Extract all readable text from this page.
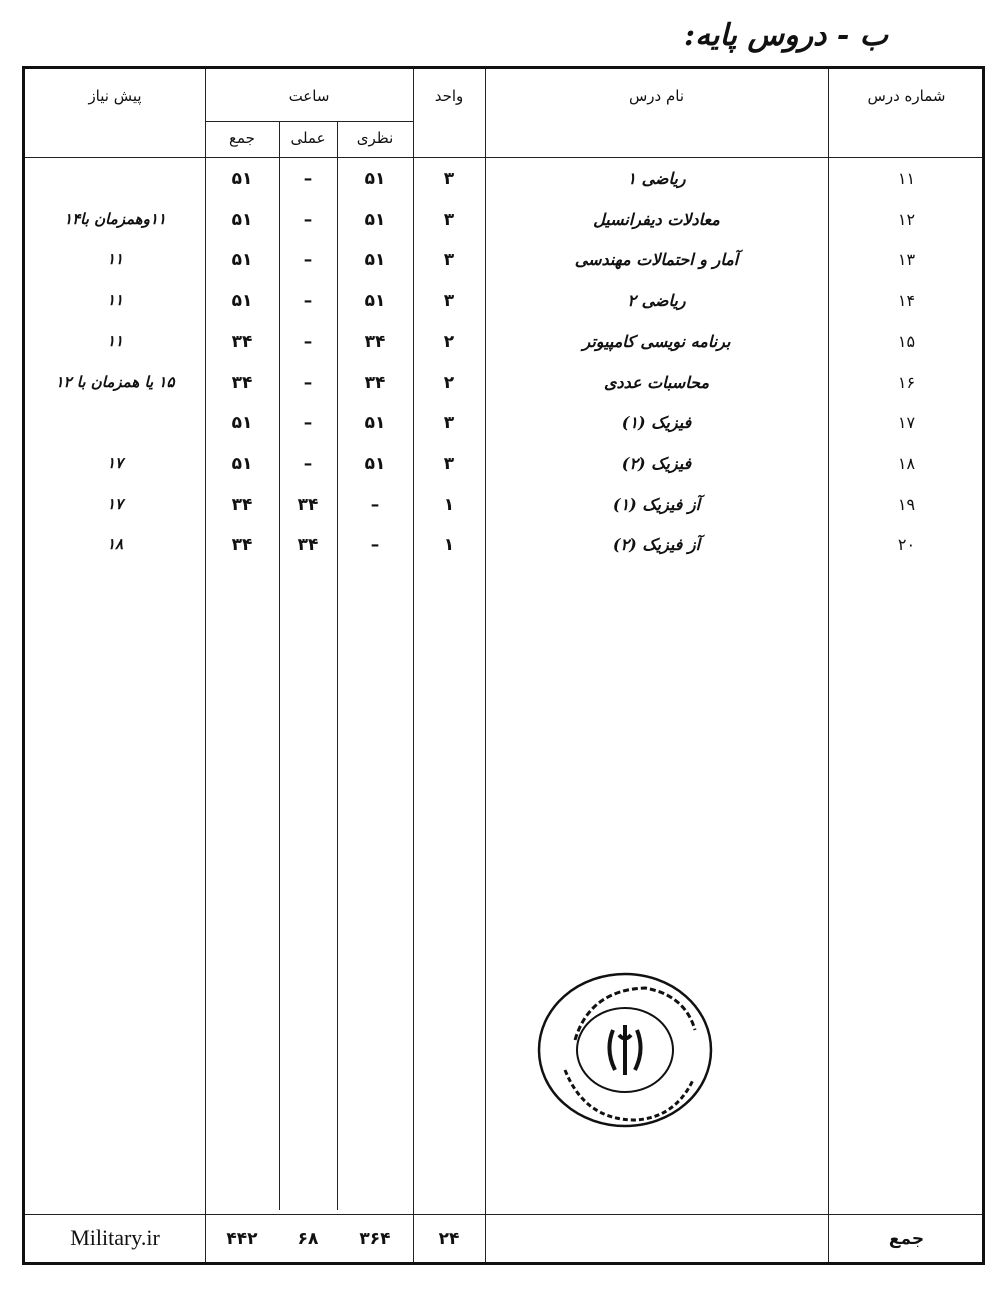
ب - دروس پایه:
شماره درس
نام درس
واحد
ساعت
نظری
عملی
جمع
پیش نیاز
۱۱
ریاضی ۱
۳
۵۱
–
۵۱
۱۲
معادلات دیفرانسیل
۳
۵۱
–
۵۱
۱۱وهمزمان با۱۴
۱۳
آمار و احتمالات مهندسی
۳
۵۱
–
۵۱
۱۱
۱۴
ریاضی ۲
۳
۵۱
–
۵۱
۱۱
۱۵
برنامه نویسی کامپیوتر
۲
۳۴
–
۳۴
۱۱
۱۶
محاسبات عددی
۲
۳۴
–
۳۴
۱۵ یا همزمان با ۱۲
۱۷
فیزیک (۱)
۳
۵۱
–
۵۱
۱۸
فیزیک (۲)
۳
۵۱
–
۵۱
۱۷
۱۹
آز فیزیک (۱)
۱
–
۳۴
۳۴
۱۷
۲۰
آز فیزیک (۲)
۱
–
۳۴
۳۴
۱۸
جمع
۲۴
۳۶۴
۶۸
۴۴۲
Military.ir
